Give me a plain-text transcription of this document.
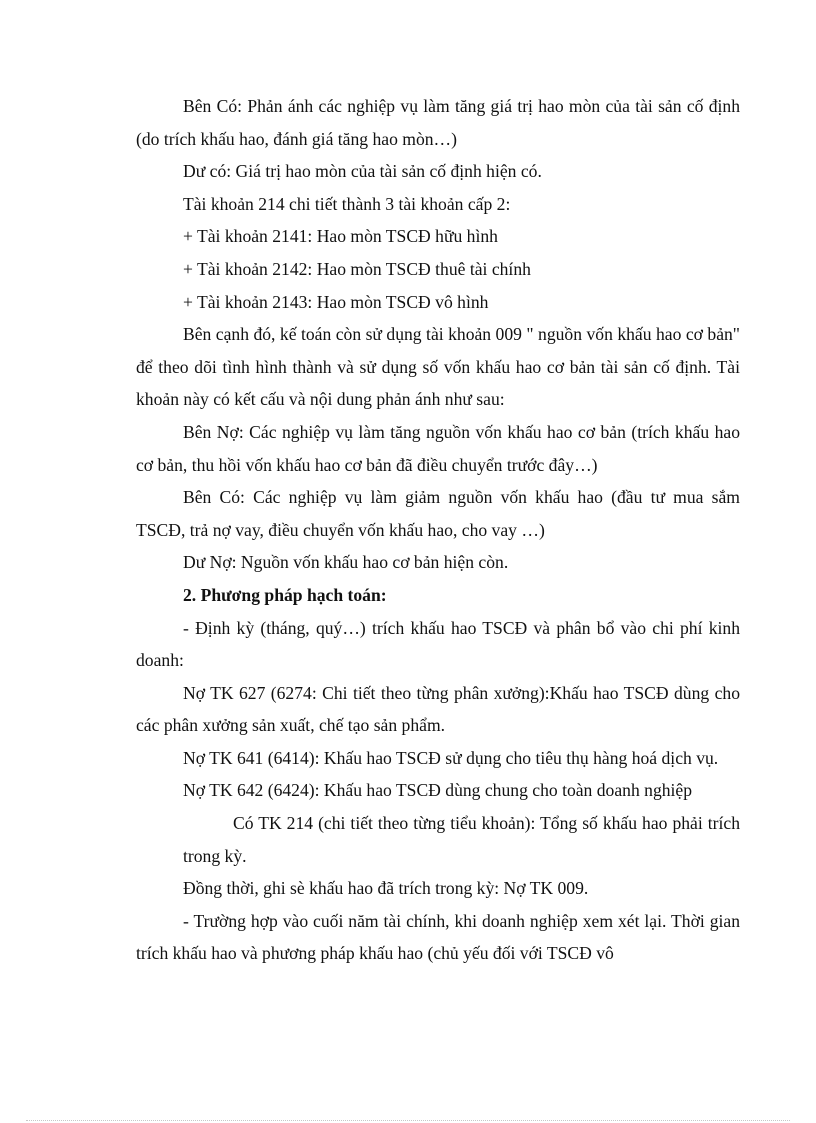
Bên Có: Phản ánh các nghiệp vụ làm tăng giá trị hao mòn của tài sản cố định (do trích khấu hao, đánh giá tăng hao mòn…)

Dư có: Giá trị hao mòn của tài sản cố định hiện có.

Tài khoản 214 chi tiết thành 3 tài khoản cấp 2:

+ Tài khoản 2141: Hao mòn TSCĐ hữu hình

+ Tài khoản 2142: Hao mòn TSCĐ thuê tài chính

+ Tài khoản 2143: Hao mòn TSCĐ vô hình

Bên cạnh đó, kế toán còn sử dụng tài khoản 009 " nguồn vốn khấu hao cơ bản" để theo dõi tình hình thành và sử dụng số vốn khấu hao cơ bản tài sản cố định. Tài khoản này có kết cấu và nội dung phản ánh như sau:

Bên Nợ: Các nghiệp vụ làm tăng nguồn vốn khấu hao cơ bản (trích khấu hao cơ bản, thu hồi vốn khấu hao cơ bản đã điều chuyển trước đây…)

Bên Có: Các nghiệp vụ làm giảm nguồn vốn khấu hao (đầu tư mua sắm TSCĐ, trả nợ vay, điều chuyển vốn khấu hao, cho vay …)

Dư Nợ: Nguồn vốn khấu hao cơ bản hiện còn.

2. Phương pháp hạch toán:

- Định kỳ (tháng, quý…) trích khấu hao TSCĐ và phân bổ vào chi phí kinh doanh:

Nợ TK 627 (6274: Chi tiết theo từng phân xưởng):Khấu hao TSCĐ dùng cho các phân xưởng sản xuất, chế tạo sản phẩm.

Nợ TK 641 (6414): Khấu hao TSCĐ sử dụng cho tiêu thụ hàng hoá dịch vụ.

Nợ TK 642 (6424): Khấu hao TSCĐ dùng chung cho toàn doanh nghiệp

Có TK 214 (chi tiết theo từng tiểu khoản): Tổng số khấu hao phải trích trong kỳ.

Đồng thời, ghi sè khấu hao đã trích trong kỳ: Nợ TK 009.

- Trường hợp vào cuối năm tài chính, khi doanh nghiệp xem xét lại. Thời gian trích khấu hao và phương pháp khấu hao (chủ yếu đối với TSCĐ vô
